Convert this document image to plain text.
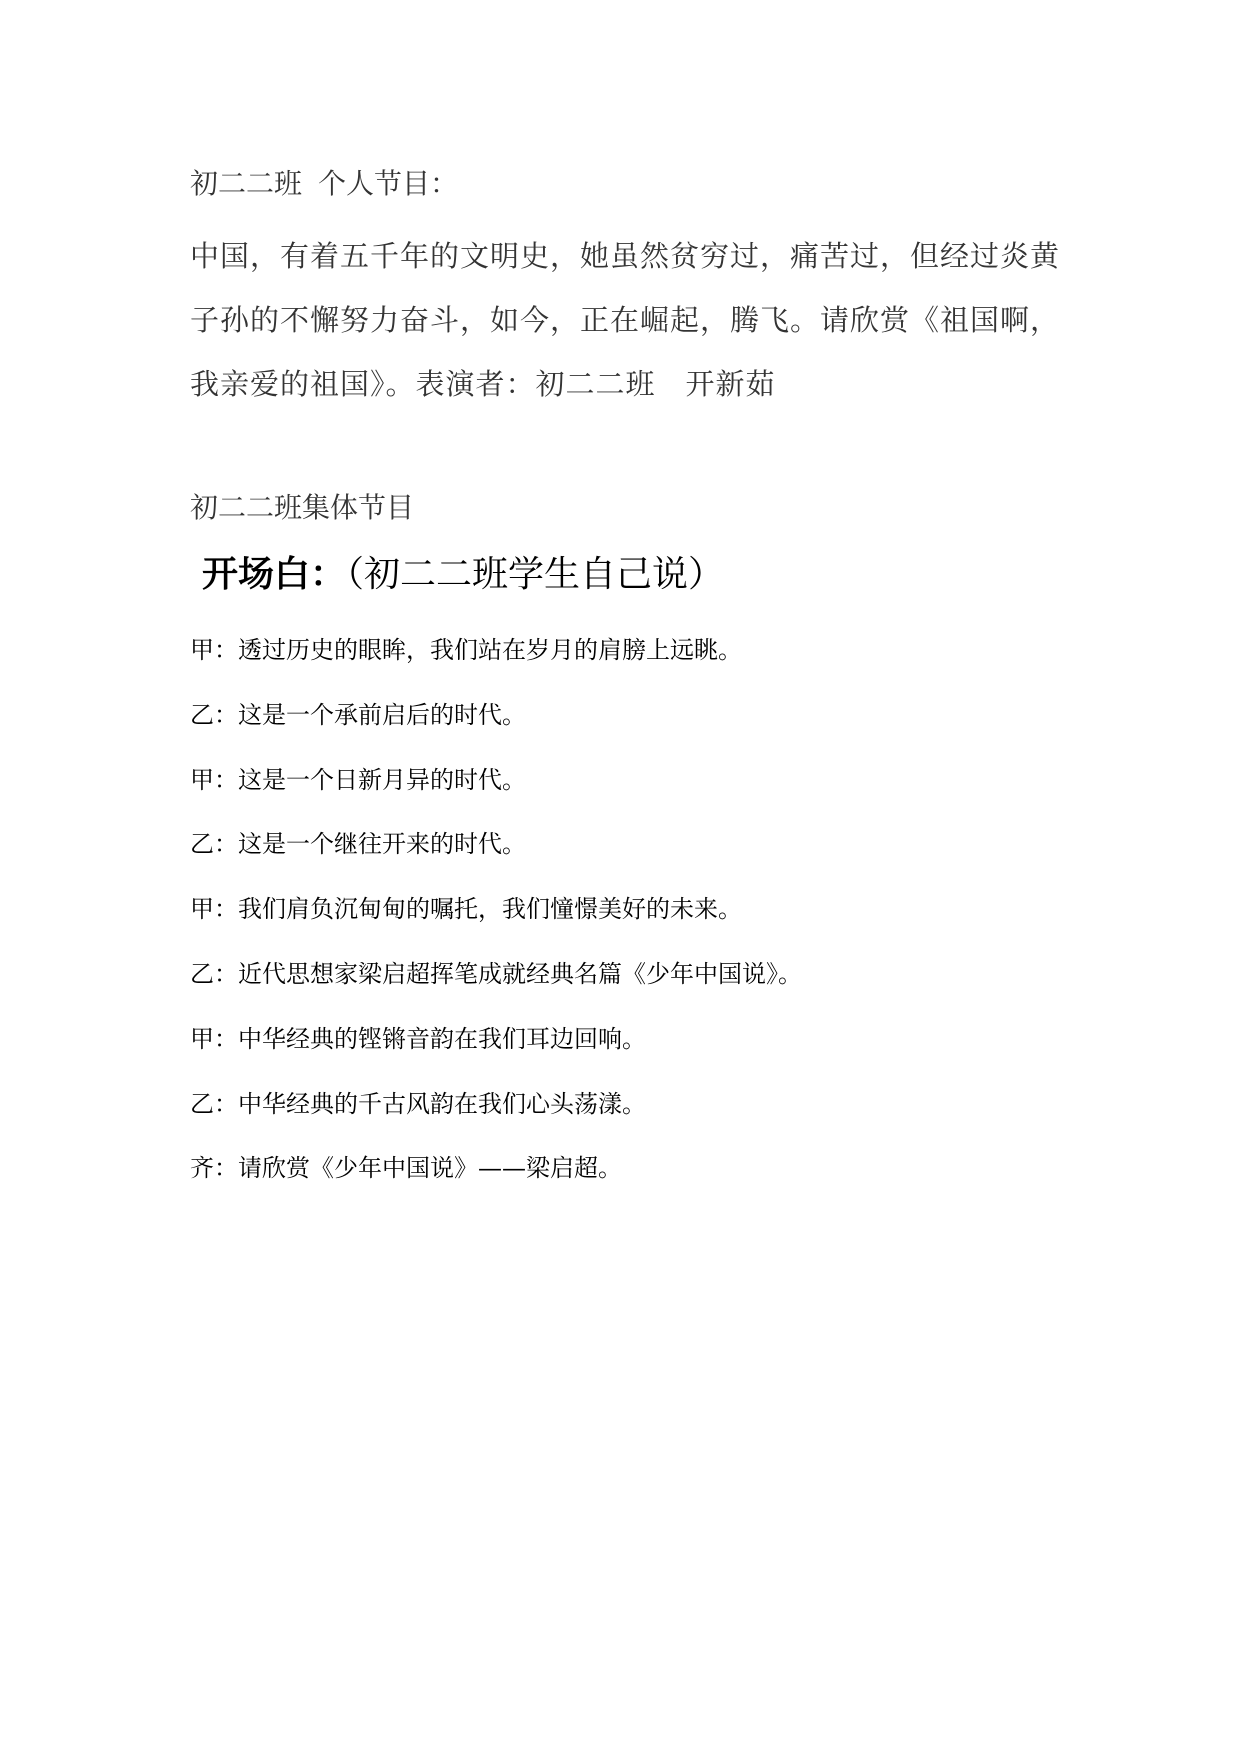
初二二班 个人节目：
中国，有着五千年的文明史，她虽然贫穷过，痛苦过，但经过炎黄子孙的不懈努力奋斗，如今，正在崛起，腾飞。请欣赏《祖国啊，我亲爱的祖国》。表演者：初二二班 开新茹
初二二班集体节目
开场白：（初二二班学生自己说）
甲：透过历史的眼眸，我们站在岁月的肩膀上远眺。
乙：这是一个承前启后的时代。
甲：这是一个日新月异的时代。
乙：这是一个继往开来的时代。
甲：我们肩负沉甸甸的嘱托，我们憧憬美好的未来。
乙：近代思想家梁启超挥笔成就经典名篇《少年中国说》。
甲：中华经典的铿锵音韵在我们耳边回响。
乙：中华经典的千古风韵在我们心头荡漾。
齐：请欣赏《少年中国说》——梁启超。
